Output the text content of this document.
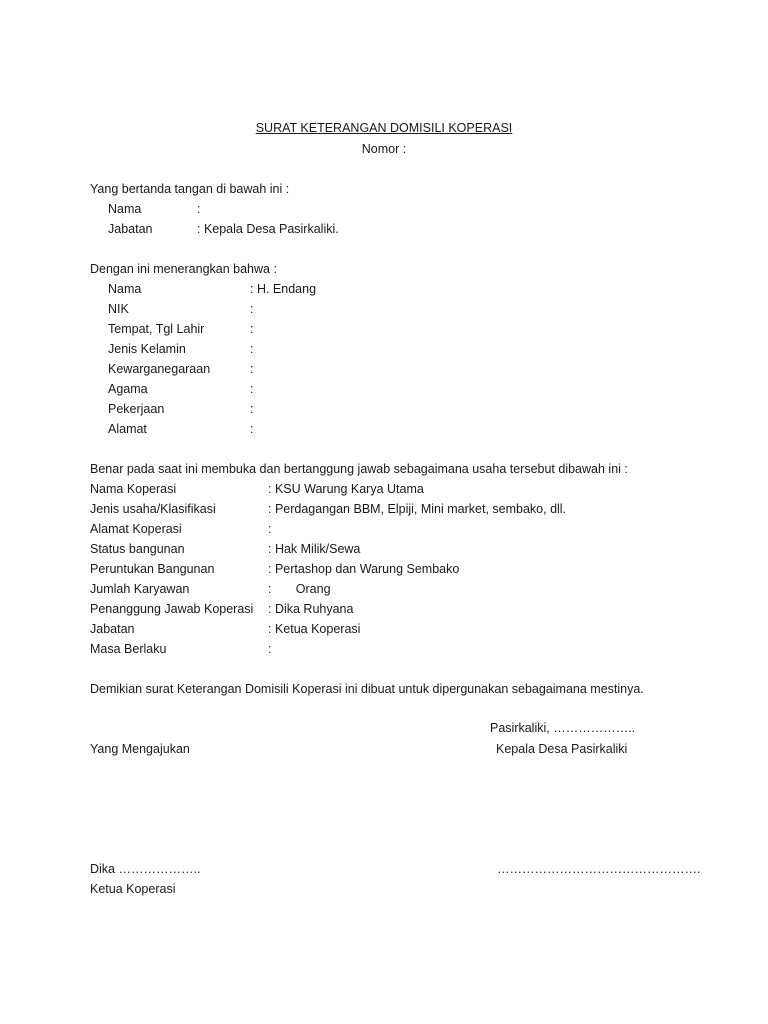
SURAT KETERANGAN DOMISILI KOPERASI
Nomor :
Yang bertanda tangan di bawah ini :
Nama	:
Jabatan	: Kepala Desa Pasirkaliki.
Dengan ini menerangkan bahwa :
Nama	: H. Endang
NIK	:
Tempat, Tgl Lahir	:
Jenis Kelamin	:
Kewarganegaraan	:
Agama	:
Pekerjaan	:
Alamat	:
Benar pada saat ini membuka dan bertanggung jawab sebagaimana usaha tersebut dibawah ini :
Nama Koperasi	: KSU Warung Karya Utama
Jenis usaha/Klasifikasi	: Perdagangan BBM, Elpiji, Mini market, sembako, dll.
Alamat Koperasi	:
Status bangunan	: Hak Milik/Sewa
Peruntukan Bangunan	: Pertashop dan Warung Sembako
Jumlah Karyawan	:       Orang
Penanggung Jawab Koperasi : Dika Ruhyana
Jabatan	: Ketua Koperasi
Masa Berlaku	:
Demikian surat Keterangan Domisili Koperasi ini dibuat untuk dipergunakan sebagaimana mestinya.
Pasirkaliki, ………………..
Yang Mengajukan	Kepala Desa Pasirkaliki
Dika ………………..	………………………………………….
Ketua Koperasi
